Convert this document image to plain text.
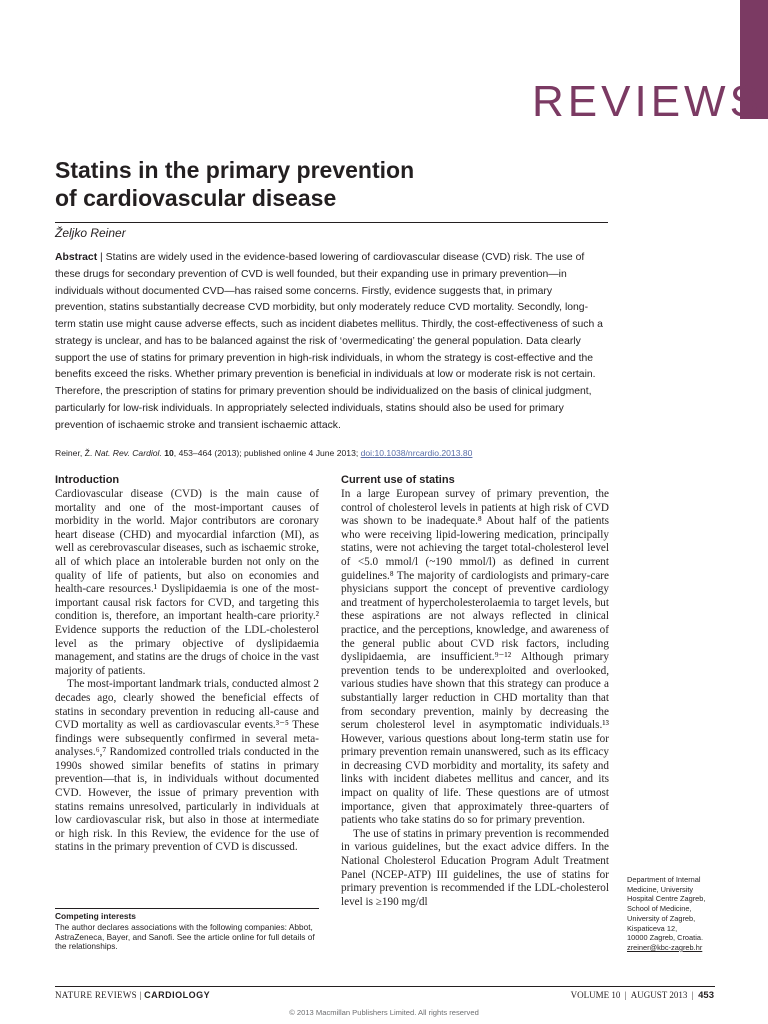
REVIEWS
Statins in the primary prevention
of cardiovascular disease
Željko Reiner
Abstract | Statins are widely used in the evidence-based lowering of cardiovascular disease (CVD) risk. The use of these drugs for secondary prevention of CVD is well founded, but their expanding use in primary prevention—in individuals without documented CVD—has raised some concerns. Firstly, evidence suggests that, in primary prevention, statins substantially decrease CVD morbidity, but only moderately reduce CVD mortality. Secondly, long-term statin use might cause adverse effects, such as incident diabetes mellitus. Thirdly, the cost-effectiveness of such a strategy is unclear, and has to be balanced against the risk of ‘overmedicating’ the general population. Data clearly support the use of statins for primary prevention in high-risk individuals, in whom the strategy is cost-effective and the benefits exceed the risks. Whether primary prevention is beneficial in individuals at low or moderate risk is not certain. Therefore, the prescription of statins for primary prevention should be individualized on the basis of clinical judgment, particularly for low-risk individuals. In appropriately selected individuals, statins should also be used for primary prevention of ischaemic stroke and transient ischaemic attack.
Reiner, Ž. Nat. Rev. Cardiol. 10, 453–464 (2013); published online 4 June 2013; doi:10.1038/nrcardio.2013.80
Introduction

Cardiovascular disease (CVD) is the main cause of mortality and one of the most-important causes of morbidity in the world. Major contributors are coronary heart disease (CHD) and myocardial infarction (MI), as well as cerebrovascular diseases, such as ischaemic stroke, all of which place an intolerable burden not only on the quality of life of patients, but also on economies and health-care resources.¹ Dyslipidaemia is one of the most-important causal risk factors for CVD, and targeting this condition is, therefore, an important health-care priority.² Evidence supports the reduction of the LDL-cholesterol level as the primary objective of dyslipidaemia management, and statins are the drugs of choice in the vast majority of patients.

The most-important landmark trials, conducted almost 2 decades ago, clearly showed the beneficial effects of statins in secondary prevention in reducing all-cause and CVD mortality as well as cardiovascular events.³⁻⁵ These findings were subsequently confirmed in several meta-analyses.⁶,⁷ Randomized controlled trials conducted in the 1990s showed similar benefits of statins in primary prevention—that is, in individuals without documented CVD. However, the issue of primary prevention with statins remains unresolved, particularly in individuals at low cardiovascular risk, but also in those at intermediate or high risk. In this Review, the evidence for the use of statins in the primary prevention of CVD is discussed.

Competing interests

The author declares associations with the following companies: Abbot, AstraZeneca, Bayer, and Sanofi. See the article online for full details of the relationships.

Current use of statins

In a large European survey of primary prevention, the control of cholesterol levels in patients at high risk of CVD was shown to be inadequate.⁸ About half of the patients who were receiving lipid-lowering medication, principally statins, were not achieving the target total-cholesterol level of <5.0 mmol/l (~190 mmol/l) as defined in current guidelines.⁸ The majority of cardiologists and primary-care physicians support the concept of preventive cardiology and treatment of hypercholesterolaemia to target levels, but these aspirations are not always reflected in clinical practice, and the perceptions, knowledge, and awareness of the general public about CVD risk factors, including dyslipidaemia, are insufficient.⁹⁻¹² Although primary prevention tends to be underexploited and overlooked, various studies have shown that this strategy can produce a substantially larger reduction in CHD mortality than that from secondary prevention, mainly by decreasing the serum cholesterol level in asymptomatic individuals.¹³ However, various questions about long-term statin use for primary prevention remain unanswered, such as its efficacy in decreasing CVD morbidity and mortality, its safety and links with incident diabetes mellitus and cancer, and its impact on quality of life. These questions are of utmost importance, given that approximately three-quarters of patients who take statins do so for primary prevention.

The use of statins in primary prevention is recommended in various guidelines, but the exact advice differs. In the National Cholesterol Education Program Adult Treatment Panel (NCEP-ATP) III guidelines, the use of statins for primary prevention is recommended if the LDL-cholesterol level is ≥190 mg/dl

Department of Internal
Medicine, University
Hospital Centre Zagreb,
School of Medicine,
University of Zagreb,
Kispaticeva 12,
10000 Zagreb, Croatia.
zreiner@kbc-zagreb.hr
NATURE REVIEWS | CARDIOLOGY	VOLUME 10  |  AUGUST 2013  |  453
© 2013 Macmillan Publishers Limited. All rights reserved
